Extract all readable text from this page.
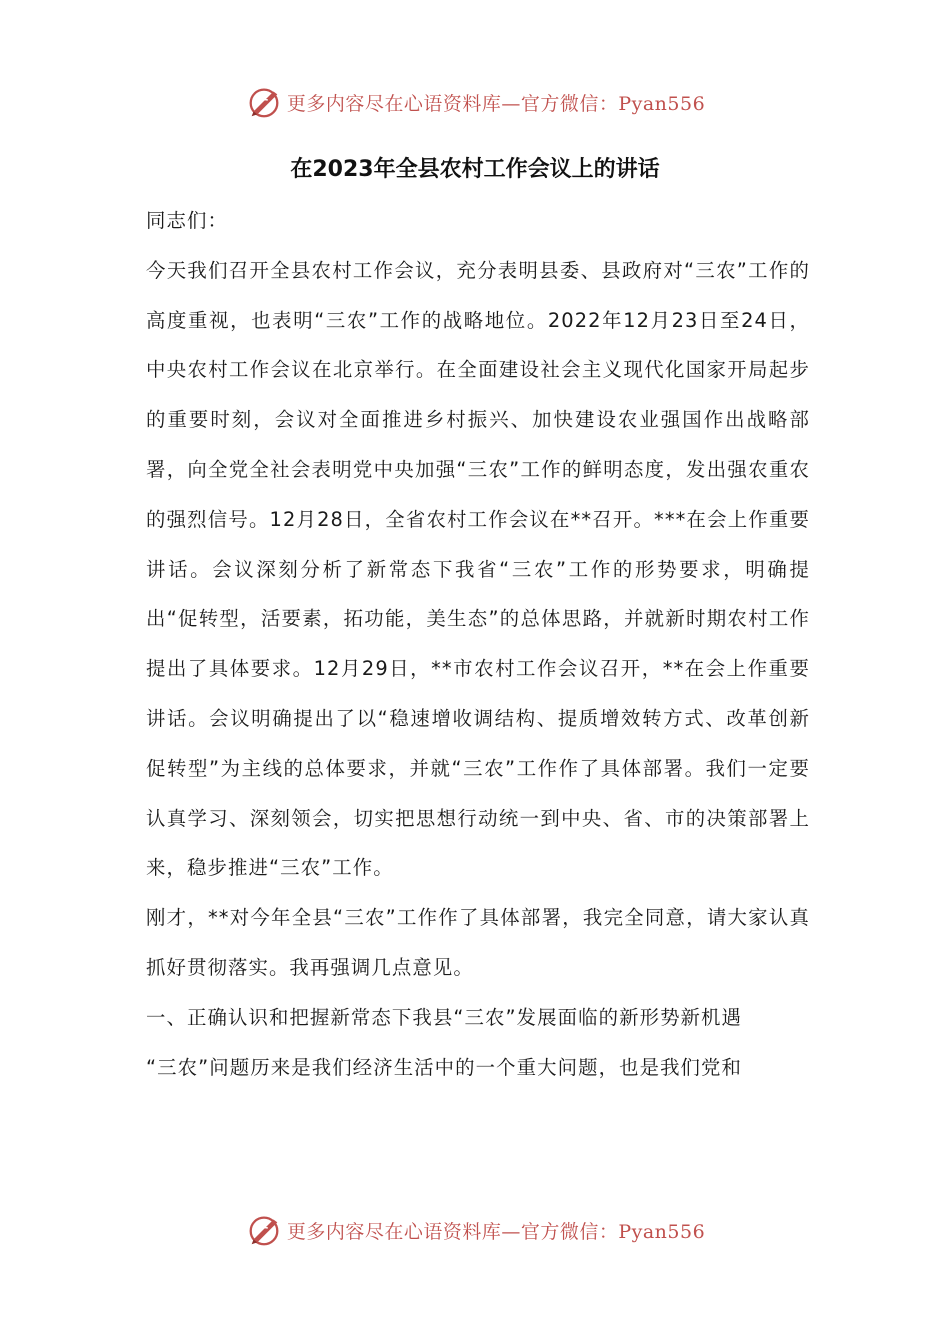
更多内容尽在心语资料库—官方微信：Pyan556
在2023年全县农村工作会议上的讲话

同志们：

今天我们召开全县农村工作会议，充分表明县委、县政府对“三农”工作的高度重视，也表明“三农”工作的战略地位。2022年12月23日至24日，中央农村工作会议在北京举行。在全面建设社会主义现代化国家开局起步的重要时刻，会议对全面推进乡村振兴、加快建设农业强国作出战略部署，向全党全社会表明党中央加强“三农”工作的鲜明态度，发出强农重农的强烈信号。12月28日，全省农村工作会议在**召开。***在会上作重要讲话。会议深刻分析了新常态下我省“三农”工作的形势要求，明确提出“促转型，活要素，拓功能，美生态”的总体思路，并就新时期农村工作提出了具体要求。12月29日，**市农村工作会议召开，**在会上作重要讲话。会议明确提出了以“稳速增收调结构、提质增效转方式、改革创新促转型”为主线的总体要求，并就“三农”工作作了具体部署。我们一定要认真学习、深刻领会，切实把思想行动统一到中央、省、市的决策部署上来，稳步推进“三农”工作。

刚才，**对今年全县“三农”工作作了具体部署，我完全同意，请大家认真抓好贯彻落实。我再强调几点意见。

一、正确认识和把握新常态下我县“三农”发展面临的新形势新机遇

“三农”问题历来是我们经济生活中的一个重大问题，也是我们党和

更多内容尽在心语资料库—官方微信：Pyan556
